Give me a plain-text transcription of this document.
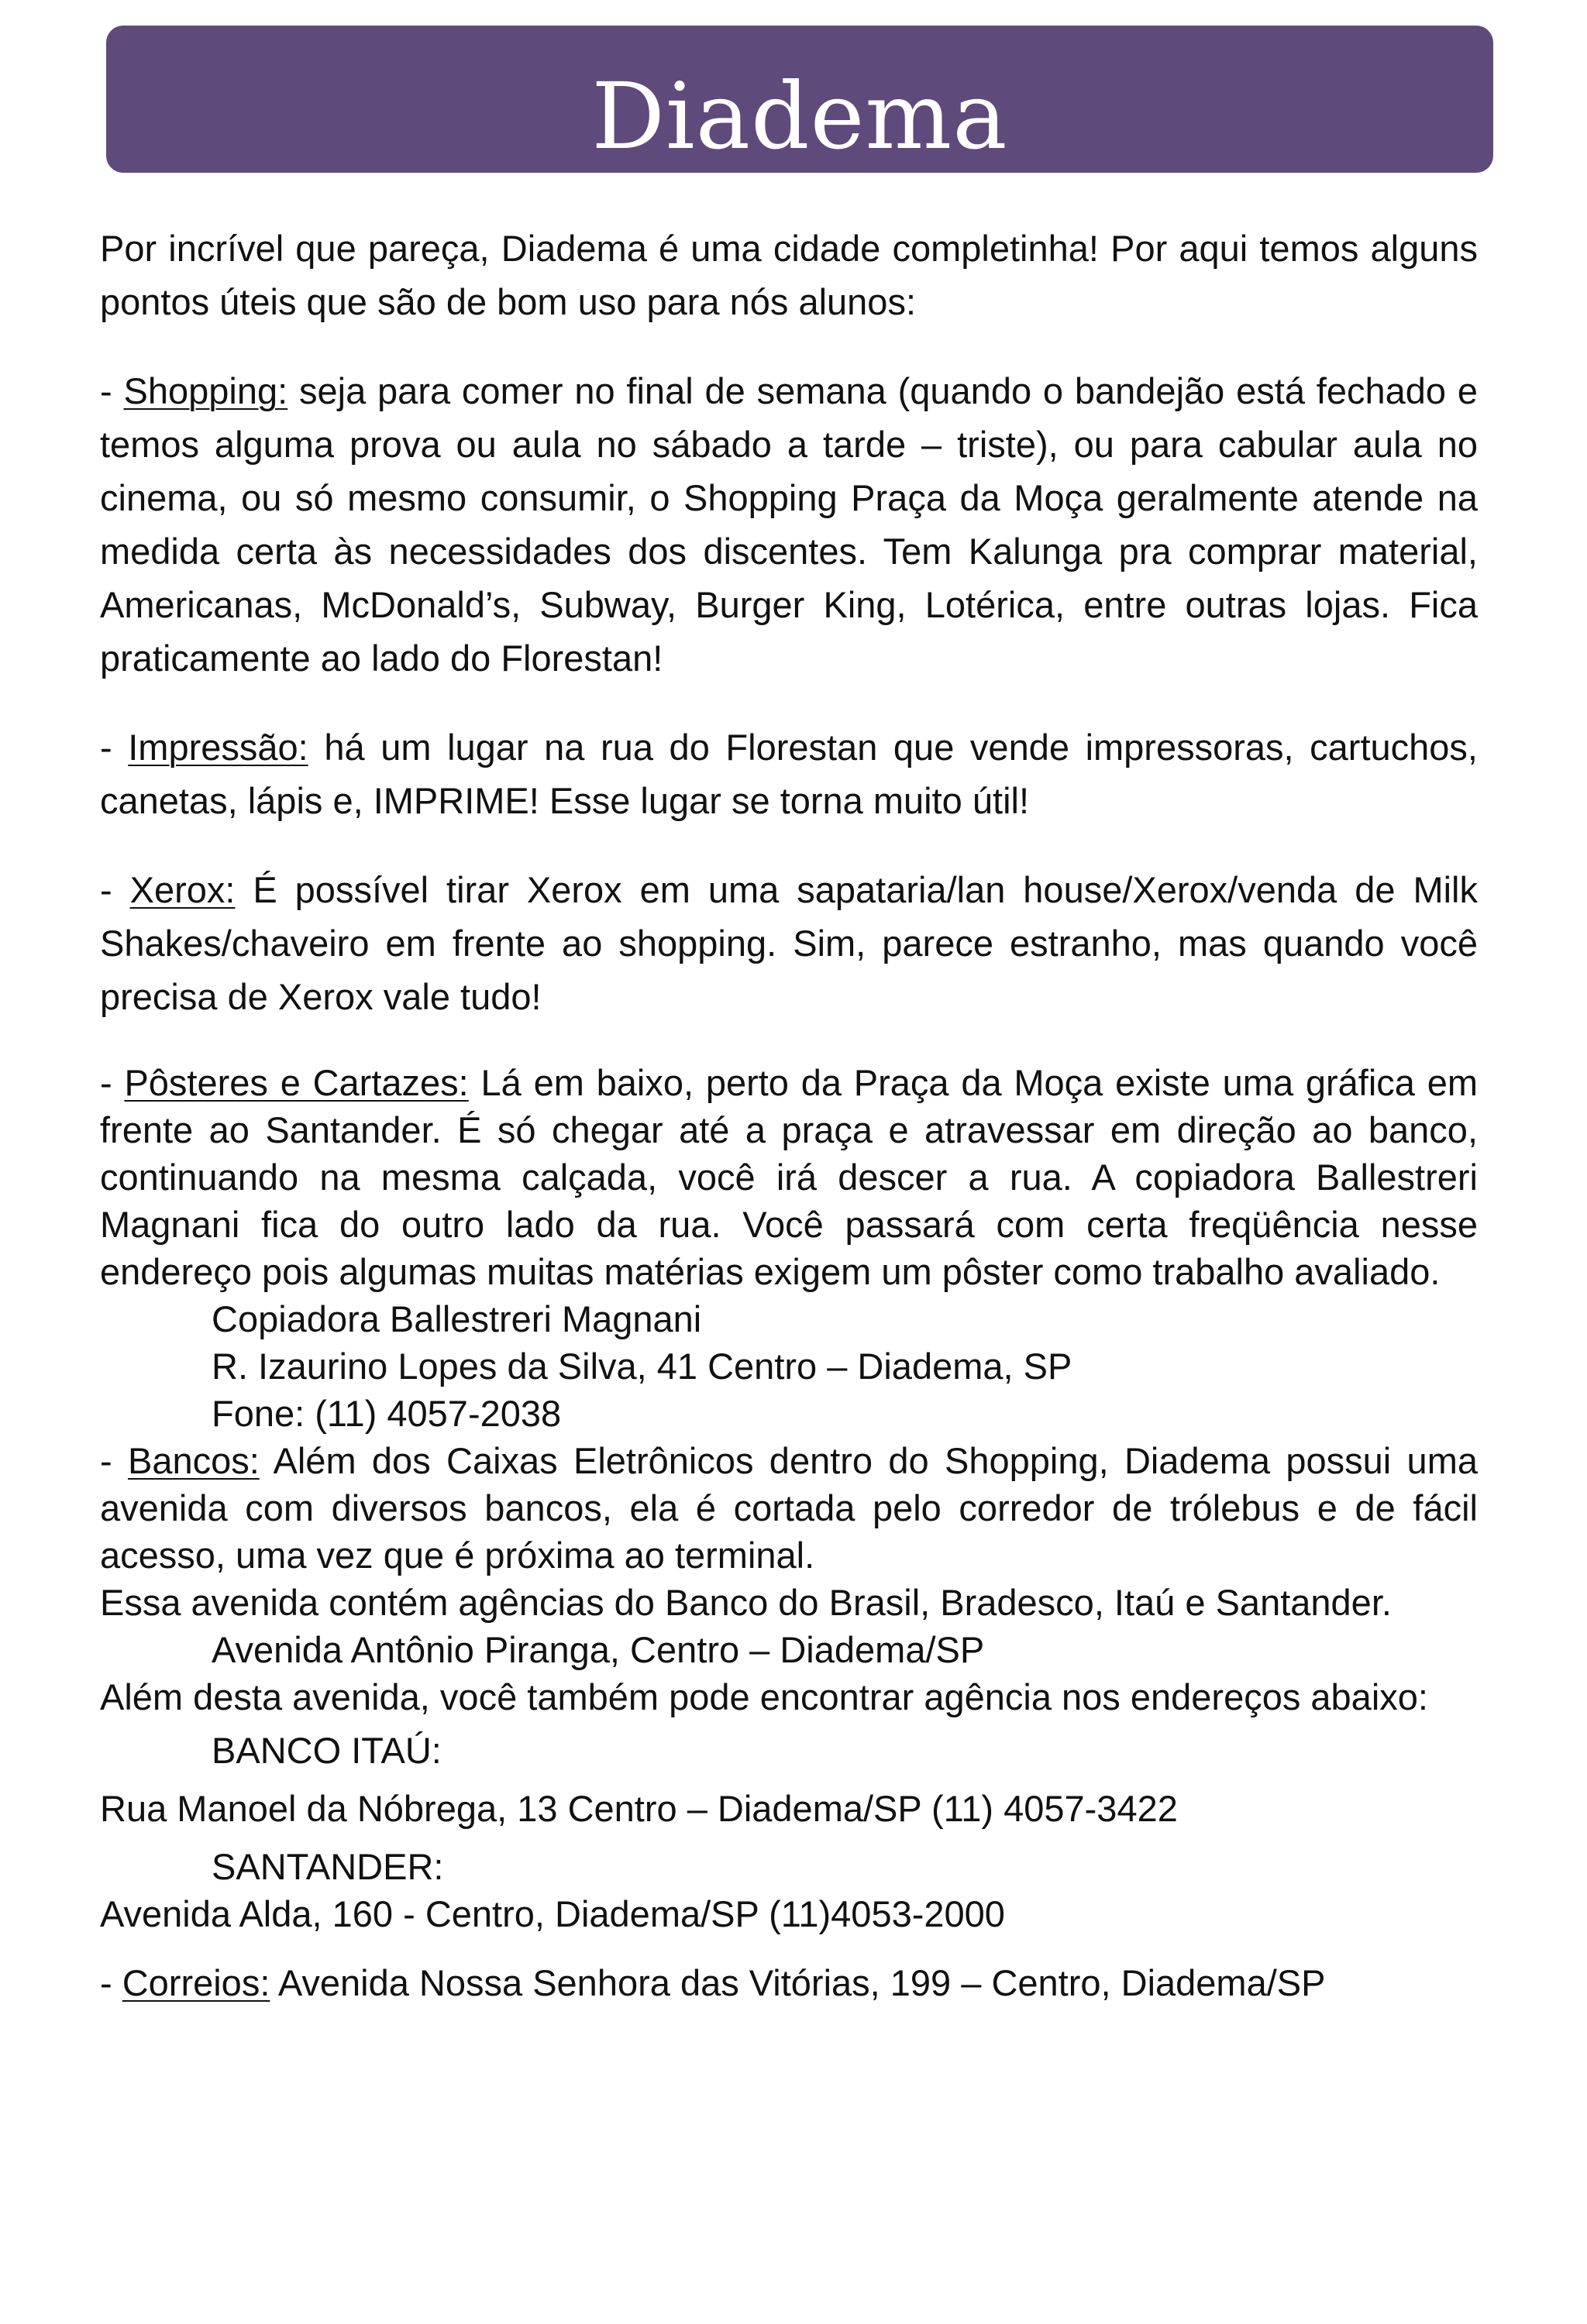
Diadema

Por incrível que pareça, Diadema é uma cidade completinha! Por aqui temos alguns pontos úteis que são de bom uso para nós alunos:

- Shopping: seja para comer no final de semana (quando o bandejão está fechado e temos alguma prova ou aula no sábado a tarde – triste), ou para cabular aula no cinema, ou só mesmo consumir, o Shopping Praça da Moça geralmente atende na medida certa às necessidades dos discentes. Tem Kalunga pra comprar material, Americanas, McDonald’s, Subway, Burger King, Lotérica, entre outras lojas. Fica praticamente ao lado do Florestan!

- Impressão: há um lugar na rua do Florestan que vende impressoras, cartuchos, canetas, lápis e, IMPRIME! Esse lugar se torna muito útil!

- Xerox: É possível tirar Xerox em uma sapataria/lan house/Xerox/venda de Milk Shakes/chaveiro em frente ao shopping. Sim, parece estranho, mas quando você precisa de Xerox vale tudo!

- Pôsteres e Cartazes: Lá em baixo, perto da Praça da Moça existe uma gráfica em frente ao Santander. É só chegar até a praça e atravessar em direção ao banco, continuando na mesma calçada, você irá descer a rua. A copiadora Ballestreri Magnani fica do outro lado da rua. Você passará com certa freqüência nesse endereço pois algumas muitas matérias exigem um pôster como trabalho avaliado.

Copiadora Ballestreri Magnani

R. Izaurino Lopes da Silva, 41 Centro – Diadema, SP

Fone: (11) 4057-2038

- Bancos: Além dos Caixas Eletrônicos dentro do Shopping, Diadema possui uma avenida com diversos bancos, ela é cortada pelo corredor de trólebus e de fácil acesso, uma vez que é próxima ao terminal.

Essa avenida contém agências do Banco do Brasil, Bradesco, Itaú e Santander.

Avenida Antônio Piranga, Centro – Diadema/SP

Além desta avenida, você também pode encontrar agência nos endereços abaixo:

BANCO ITAÚ:

Rua Manoel da Nóbrega, 13 Centro – Diadema/SP (11) 4057-3422

SANTANDER:

Avenida Alda, 160 - Centro, Diadema/SP (11)4053-2000

- Correios: Avenida Nossa Senhora das Vitórias, 199 – Centro, Diadema/SP
